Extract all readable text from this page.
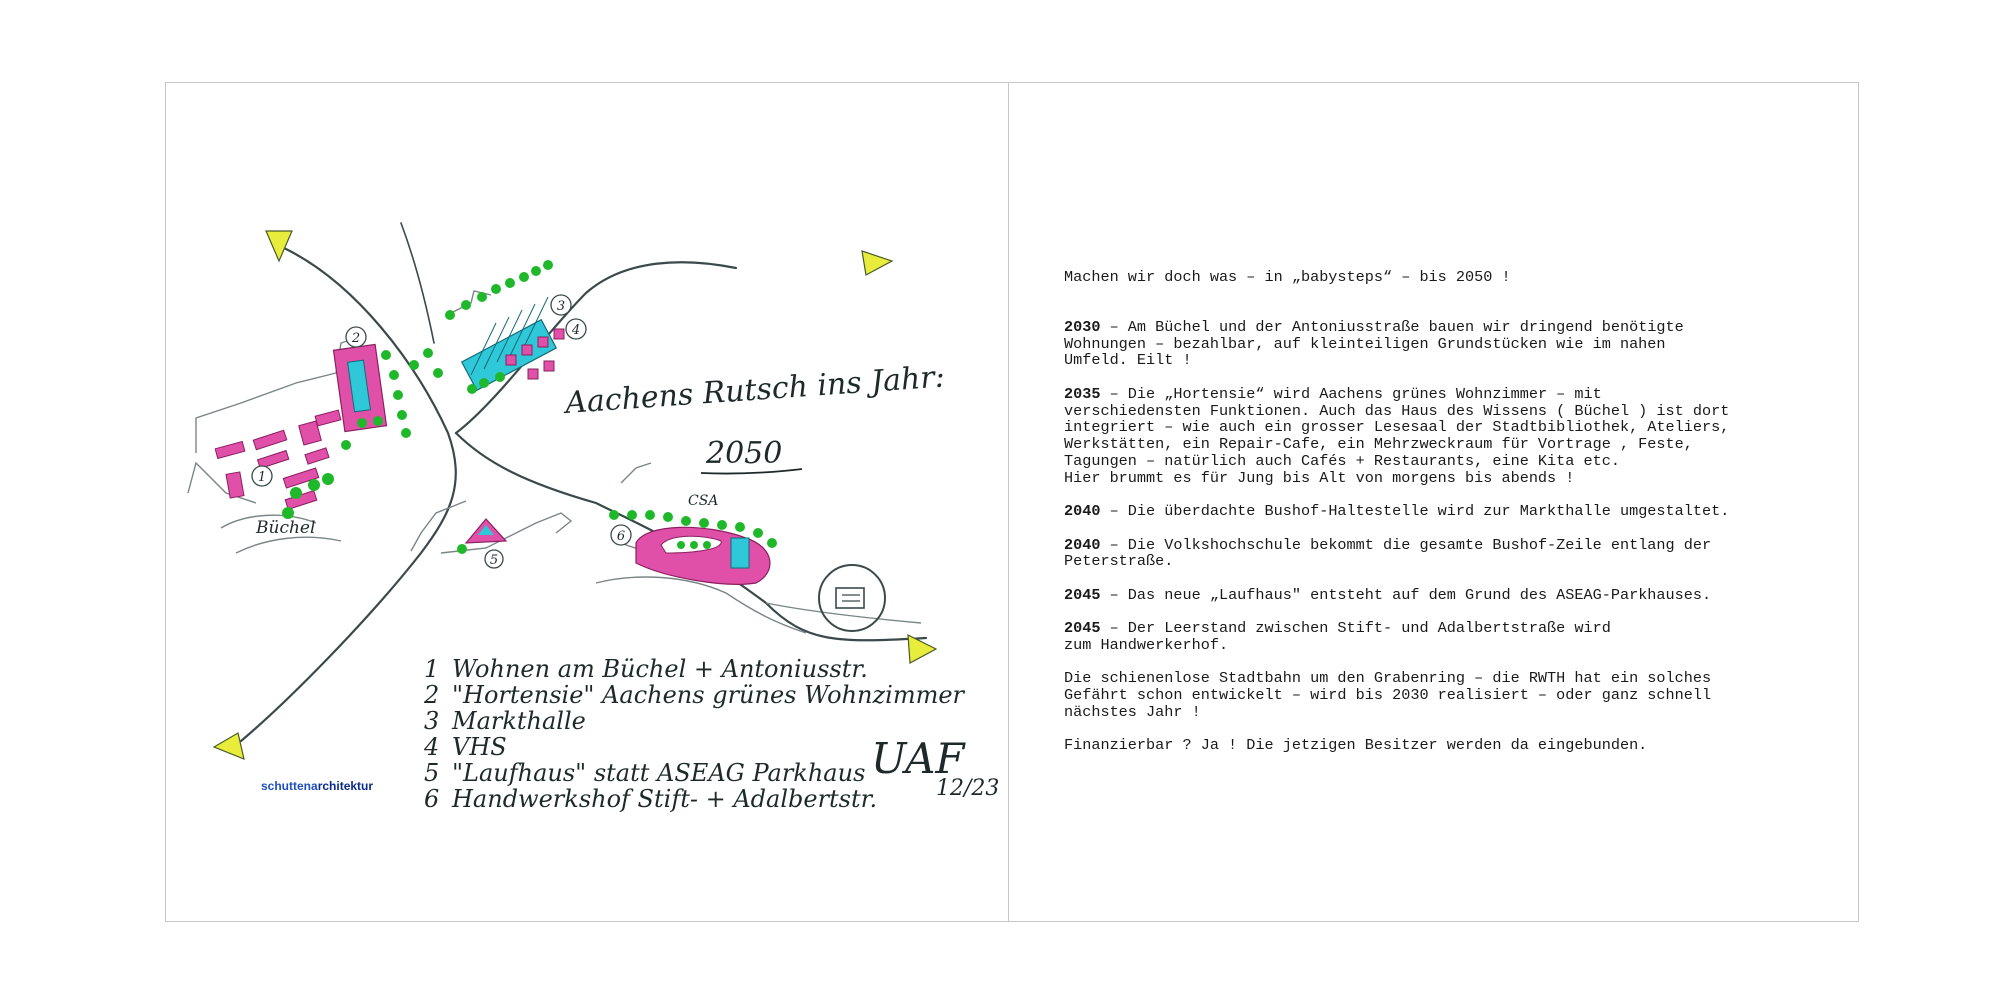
1
2
3
4
5
6
Büchel
CSA
Aachens Rutsch ins Jahr:
2050
1 Wohnen am Büchel + Antoniusstr.
2 "Hortensie" Aachens grünes Wohnzimmer
3 Markthalle
4 VHS
5 "Laufhaus" statt ASEAG Parkhaus
6 Handwerkshof Stift- + Adalbertstr.
UAF
12/23
schuttenarchitektur

Machen wir doch was – in „babysteps“ – bis 2050 !

2030 – Am Büchel und der Antoniusstraße bauen wir dringend benötigte
Wohnungen – bezahlbar, auf kleinteiligen Grundstücken wie im nahen
Umfeld. Eilt !

2035 – Die „Hortensie“ wird Aachens grünes Wohnzimmer – mit
verschiedensten Funktionen. Auch das Haus des Wissens ( Büchel ) ist dort
integriert – wie auch ein grosser Lesesaal der Stadtbibliothek, Ateliers,
Werkstätten, ein Repair-Cafe, ein Mehrzweckraum für Vortrage , Feste,
Tagungen – natürlich auch Cafés + Restaurants, eine Kita etc.
Hier brummt es für Jung bis Alt von morgens bis abends !

2040 – Die überdachte Bushof-Haltestelle wird zur Markthalle umgestaltet.

2040 – Die Volkshochschule bekommt die gesamte Bushof-Zeile entlang der
Peterstraße.

2045 – Das neue „Laufhaus" entsteht auf dem Grund des ASEAG-Parkhauses.

2045 – Der Leerstand zwischen Stift- und Adalbertstraße wird
zum Handwerkerhof.

Die schienenlose Stadtbahn um den Grabenring – die RWTH hat ein solches
Gefährt schon entwickelt – wird bis 2030 realisiert – oder ganz schnell
nächstes Jahr !

Finanzierbar ? Ja ! Die jetzigen Besitzer werden da eingebunden.
